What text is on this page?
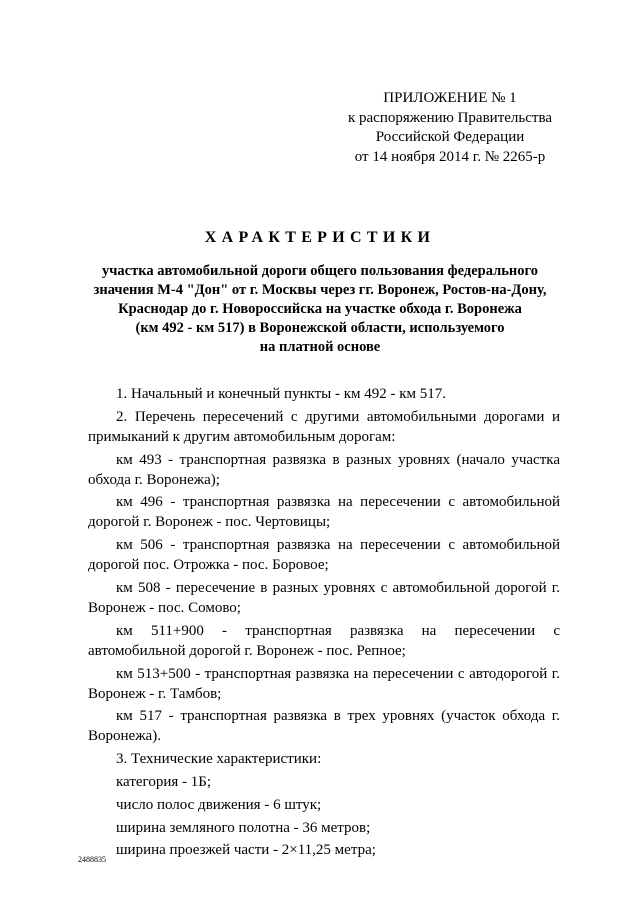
ПРИЛОЖЕНИЕ № 1
к распоряжению Правительства
Российской Федерации
от 14 ноября 2014 г. № 2265-р
ХАРАКТЕРИСТИКИ
участка автомобильной дороги общего пользования федерального
значения М-4 "Дон" от г. Москвы через гг. Воронеж, Ростов-на-Дону,
Краснодар до г. Новороссийска на участке обхода г. Воронежа
(км 492 - км 517) в Воронежской области, используемого
на платной основе
1. Начальный и конечный пункты - км 492 - км 517.
2. Перечень пересечений с другими автомобильными дорогами и примыканий к другим автомобильным дорогам:
км 493 - транспортная развязка в разных уровнях (начало участка обхода г. Воронежа);
км 496 - транспортная развязка на пересечении с автомобильной дорогой г. Воронеж - пос. Чертовицы;
км 506 - транспортная развязка на пересечении с автомобильной дорогой пос. Отрожка - пос. Боровое;
км 508 - пересечение в разных уровнях с автомобильной дорогой г. Воронеж - пос. Сомово;
км 511+900 - транспортная развязка на пересечении с автомобильной дорогой г. Воронеж - пос. Репное;
км 513+500 - транспортная развязка на пересечении с автодорогой г. Воронеж - г. Тамбов;
км 517 - транспортная развязка в трех уровнях (участок обхода г. Воронежа).
3. Технические характеристики:
категория - 1Б;
число полос движения - 6 штук;
ширина земляного полотна - 36 метров;
ширина проезжей части - 2×11,25 метра;
2488835
